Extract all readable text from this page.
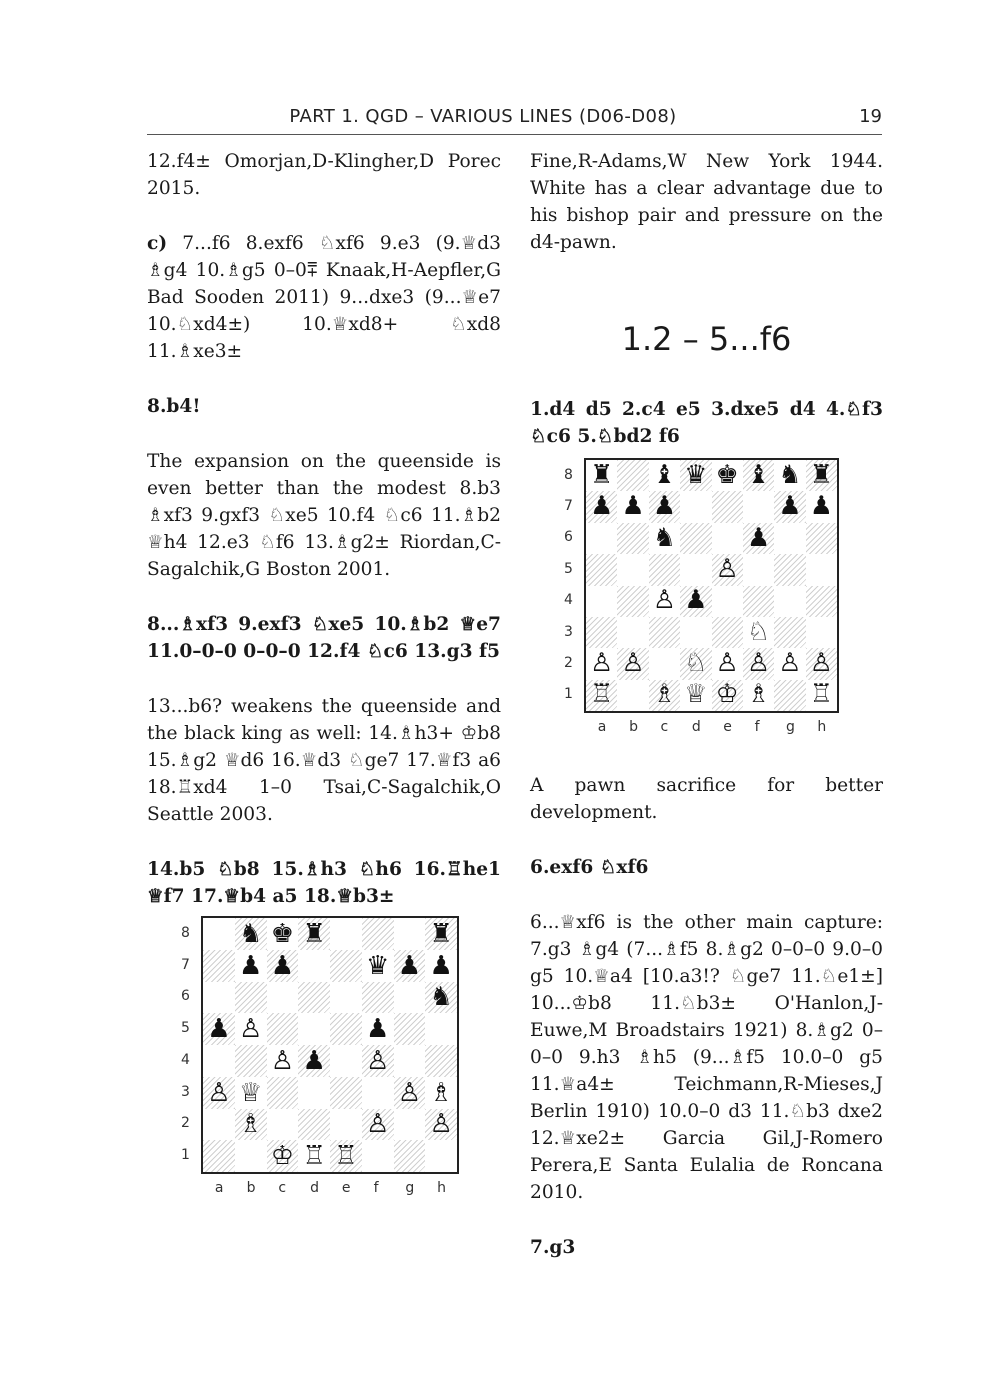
PART 1. QGD – VARIOUS LINES (D06-D08)	19

12.f4± Omorjan,D-Klingher,D Porec 2015.

c) 7...f6 8.exf6 ♘xf6 9.e3 (9.♕d3 ♗g4 10.♗g5 0–0⩱ Knaak,H-Aepfler,G Bad Sooden 2011) 9...dxe3 (9...♕e7 10.♘xd4±) 10.♕xd8+ ♘xd8 11.♗xe3±

8.b4!

The expansion on the queenside is even better than the modest 8.b3 ♗xf3 9.gxf3 ♘xe5 10.f4 ♘c6 11.♗b2 ♕h4 12.e3 ♘f6 13.♗g2± Riordan,C-Sagalchik,G Boston 2001.

8...♗xf3 9.exf3 ♘xe5 10.♗b2 ♕e7 11.0–0–0 0–0–0 12.f4 ♘c6 13.g3 f5

13...b6? weakens the queenside and the black king as well: 14.♗h3+ ♔b8 15.♗g2 ♕d6 16.♕d3 ♘ge7 17.♕f3 a6 18.♖xd4 1–0 Tsai,C-Sagalchik,O Seattle 2003.

14.b5 ♘b8 15.♗h3 ♘h6 16.♖he1 ♕f7 17.♕b4 a5 18.♕b3±

Fine,R-Adams,W New York 1944. White has a clear advantage due to his bishop pair and pressure on the d4-pawn.

1.2 – 5...f6

1.d4 d5 2.c4 e5 3.dxe5 d4 4.♘f3 ♘c6 5.♘bd2 f6

A pawn sacrifice for better development.

6.exf6 ♘xf6

6...♕xf6 is the other main capture: 7.g3 ♗g4 (7...♗f5 8.♗g2 0–0–0 9.0–0 g5 10.♕a4 [10.a3!? ♘ge7 11.♘e1±] 10...♔b8 11.♘b3± O'Hanlon,J-Euwe,M Broadstairs 1921) 8.♗g2 0–0–0 9.h3 ♗h5 (9...♗f5 10.0–0 g5 11.♕a4± Teichmann,R-Mieses,J Berlin 1910) 10.0–0 d3 11.♘b3 dxe2 12.♕xe2± Garcia Gil,J-Romero Perera,E Santa Eulalia de Roncana 2010.

7.g3

♜ ♝ ♛ ♚ ♝ ♞ ♜
♟ ♟ ♟	♟ ♟
♞	♟
♙
♙ ♟
♘
♙ ♙ ♘ ♙ ♙ ♙ ♙
♖ ♗ ♕ ♔ ♗ ♖
8
7
6
5
4
3
2
1
a b c d e f g h
♞ ♚ ♜	♜
♟ ♟	♛ ♟ ♟
♞
♟ ♙	♟
♙ ♟ ♙
♙ ♕	♙ ♗
♗	♙ ♙
♔ ♖ ♖
8
7
6
5
4
3
2
1
a b c d e f g h
